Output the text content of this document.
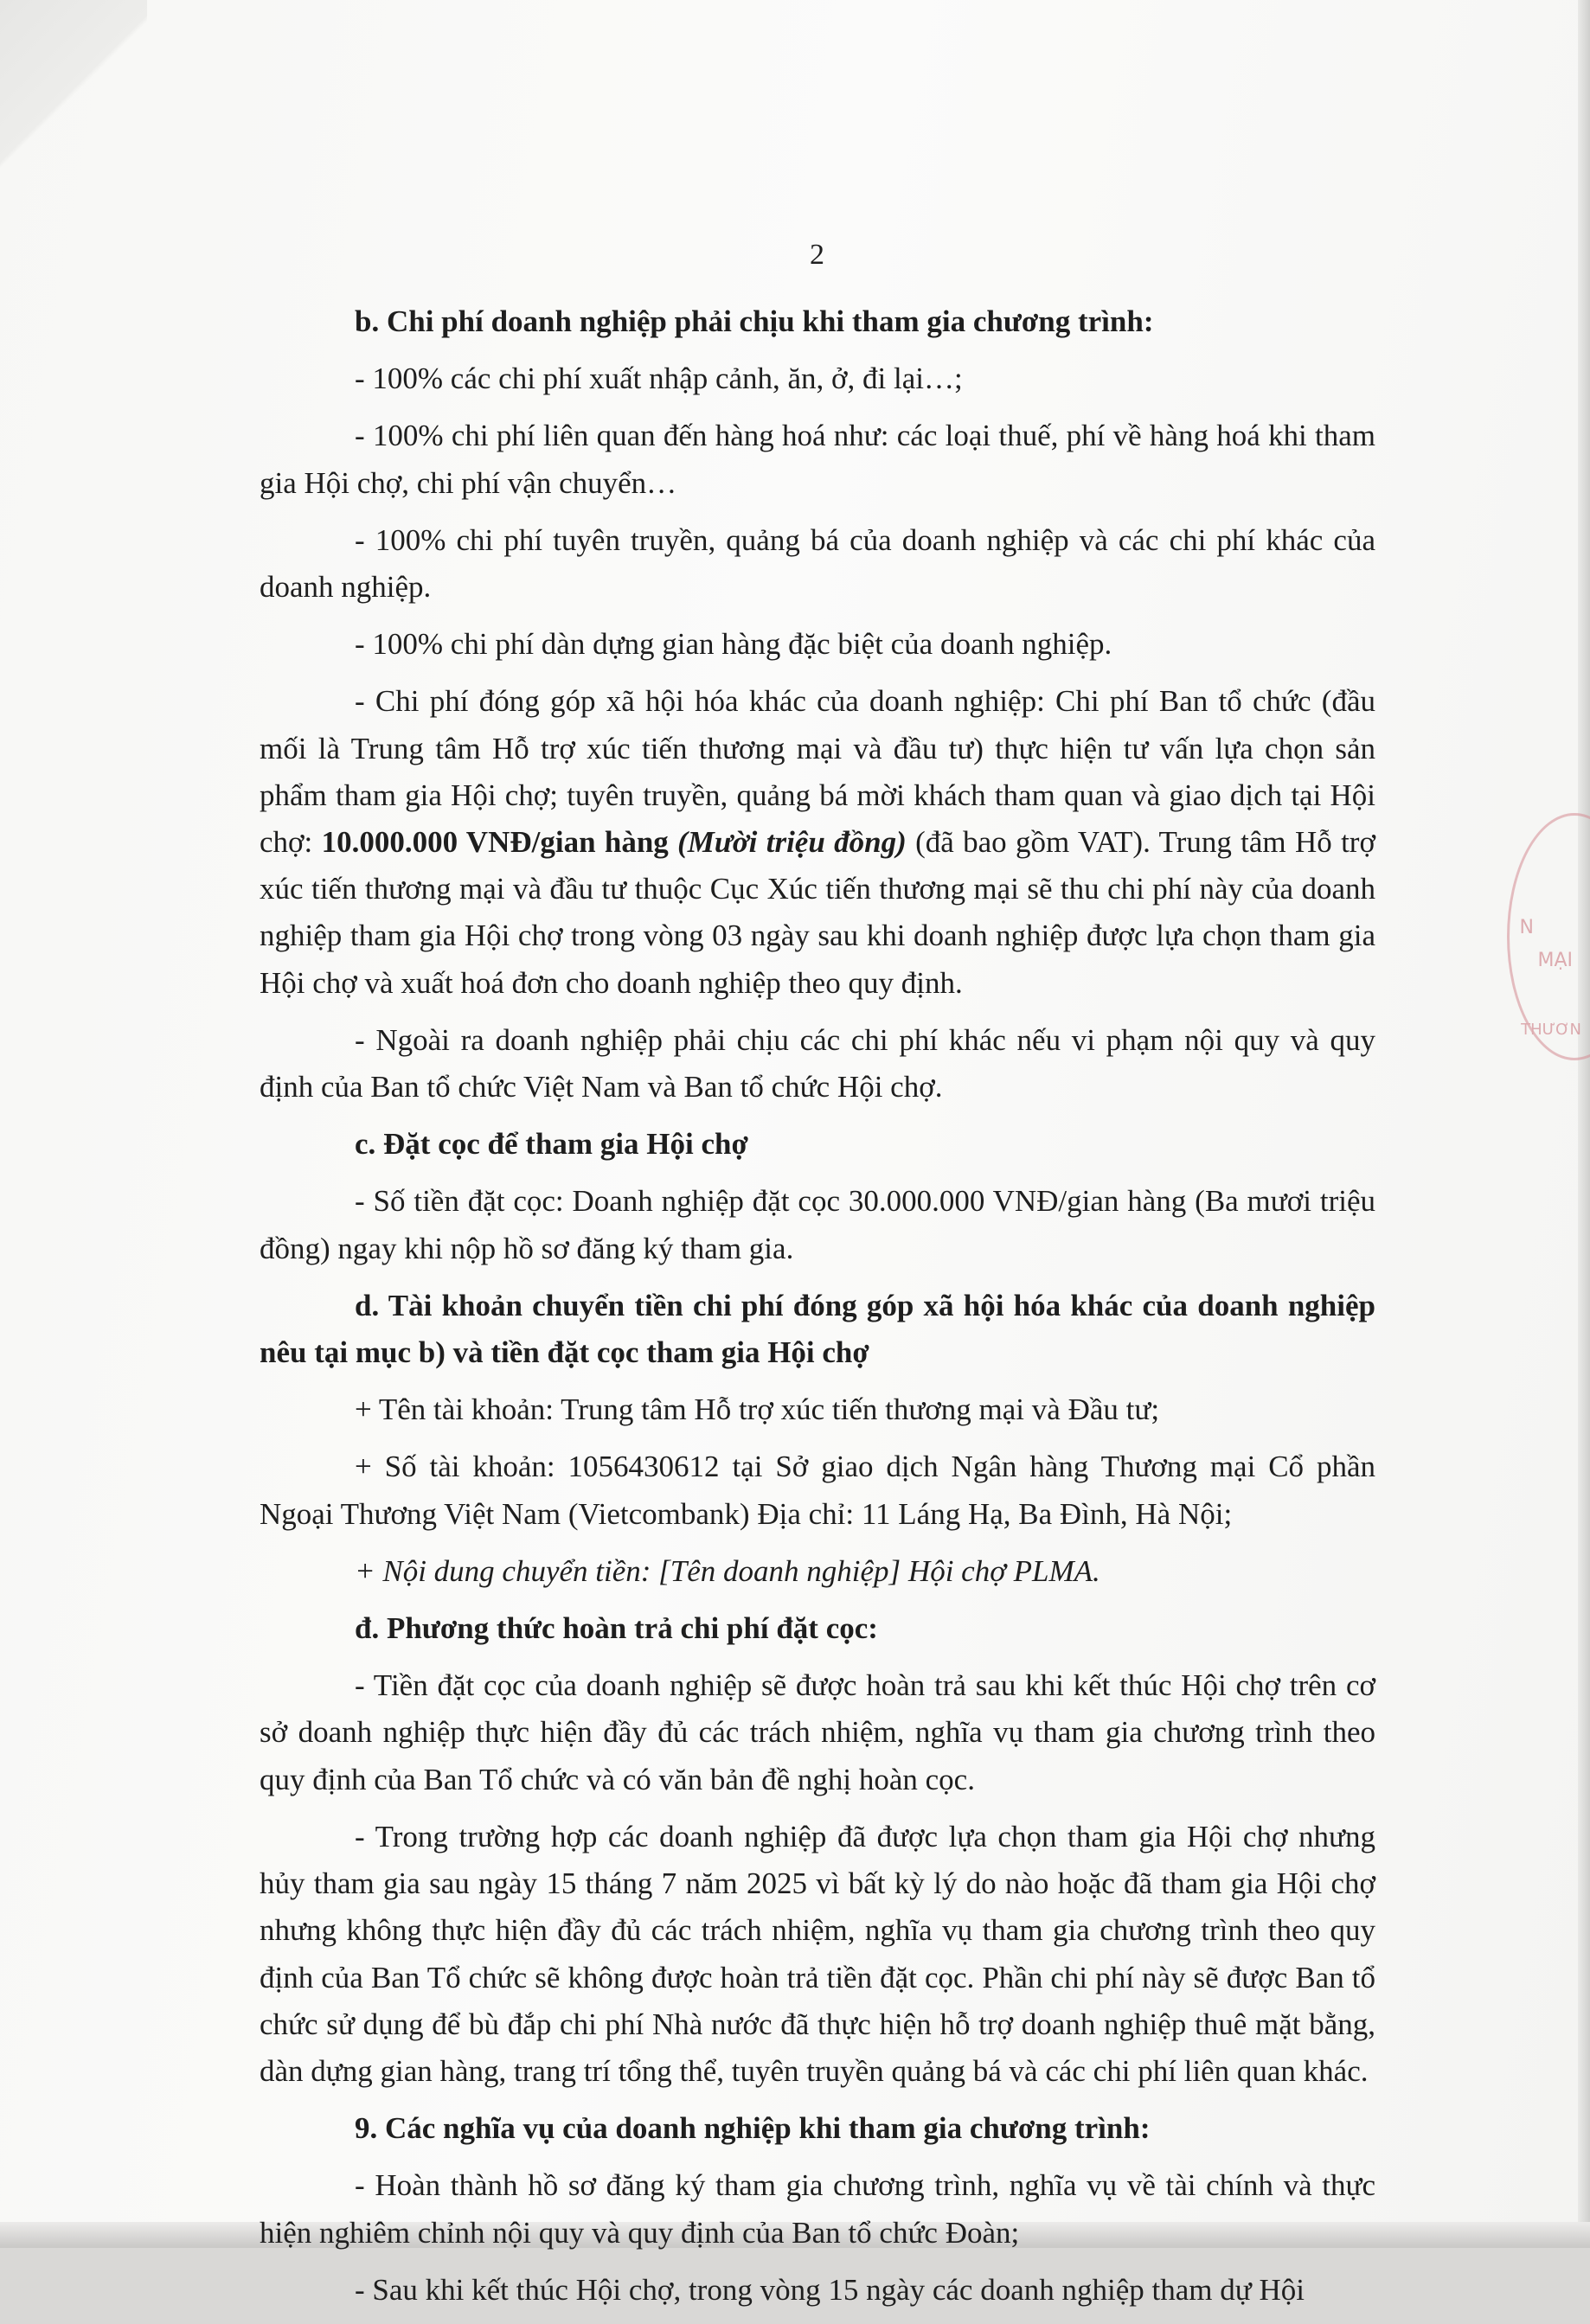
2

b. Chi phí doanh nghiệp phải chịu khi tham gia chương trình:

- 100% các chi phí xuất nhập cảnh, ăn, ở, đi lại…;

- 100% chi phí liên quan đến hàng hoá như: các loại thuế, phí về hàng hoá khi tham gia Hội chợ, chi phí vận chuyển…

- 100% chi phí tuyên truyền, quảng bá của doanh nghiệp và các chi phí khác của doanh nghiệp.

- 100% chi phí dàn dựng gian hàng đặc biệt của doanh nghiệp.

- Chi phí đóng góp xã hội hóa khác của doanh nghiệp: Chi phí Ban tổ chức (đầu mối là Trung tâm Hỗ trợ xúc tiến thương mại và đầu tư) thực hiện tư vấn lựa chọn sản phẩm tham gia Hội chợ; tuyên truyền, quảng bá mời khách tham quan và giao dịch tại Hội chợ: 10.000.000 VNĐ/gian hàng (Mười triệu đồng) (đã bao gồm VAT). Trung tâm Hỗ trợ xúc tiến thương mại và đầu tư thuộc Cục Xúc tiến thương mại sẽ thu chi phí này của doanh nghiệp tham gia Hội chợ trong vòng 03 ngày sau khi doanh nghiệp được lựa chọn tham gia Hội chợ và xuất hoá đơn cho doanh nghiệp theo quy định.

- Ngoài ra doanh nghiệp phải chịu các chi phí khác nếu vi phạm nội quy và quy định của Ban tổ chức Việt Nam và Ban tổ chức Hội chợ.

c. Đặt cọc để tham gia Hội chợ

- Số tiền đặt cọc: Doanh nghiệp đặt cọc 30.000.000 VNĐ/gian hàng (Ba mươi triệu đồng) ngay khi nộp hồ sơ đăng ký tham gia.

d. Tài khoản chuyển tiền chi phí đóng góp xã hội hóa khác của doanh nghiệp nêu tại mục b) và tiền đặt cọc tham gia Hội chợ

+ Tên tài khoản: Trung tâm Hỗ trợ xúc tiến thương mại và Đầu tư;

+ Số tài khoản: 1056430612 tại Sở giao dịch Ngân hàng Thương mại Cổ phần Ngoại Thương Việt Nam (Vietcombank) Địa chỉ: 11 Láng Hạ, Ba Đình, Hà Nội;

+ Nội dung chuyển tiền: [Tên doanh nghiệp] Hội chợ PLMA.

đ. Phương thức hoàn trả chi phí đặt cọc:

- Tiền đặt cọc của doanh nghiệp sẽ được hoàn trả sau khi kết thúc Hội chợ trên cơ sở doanh nghiệp thực hiện đầy đủ các trách nhiệm, nghĩa vụ tham gia chương trình theo quy định của Ban Tổ chức và có văn bản đề nghị hoàn cọc.

- Trong trường hợp các doanh nghiệp đã được lựa chọn tham gia Hội chợ nhưng hủy tham gia sau ngày 15 tháng 7 năm 2025 vì bất kỳ lý do nào hoặc đã tham gia Hội chợ nhưng không thực hiện đầy đủ các trách nhiệm, nghĩa vụ tham gia chương trình theo quy định của Ban Tổ chức sẽ không được hoàn trả tiền đặt cọc. Phần chi phí này sẽ được Ban tổ chức sử dụng để bù đắp chi phí Nhà nước đã thực hiện hỗ trợ doanh nghiệp thuê mặt bằng, dàn dựng gian hàng, trang trí tổng thể, tuyên truyền quảng bá và các chi phí liên quan khác.

9. Các nghĩa vụ của doanh nghiệp khi tham gia chương trình:

- Hoàn thành hồ sơ đăng ký tham gia chương trình, nghĩa vụ về tài chính và thực hiện nghiêm chỉnh nội quy và quy định của Ban tổ chức Đoàn;

- Sau khi kết thúc Hội chợ, trong vòng 15 ngày các doanh nghiệp tham dự Hội

N
MẠI
THƯƠN
